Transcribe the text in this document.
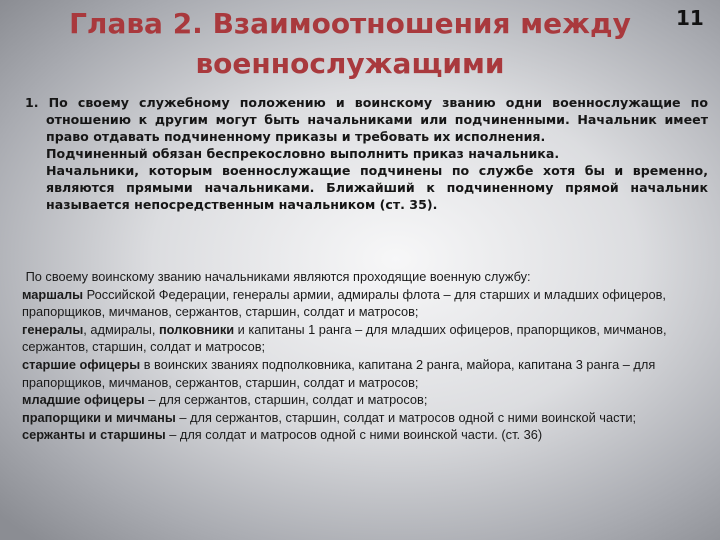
Глава 2. Взаимоотношения между военнослужащими
11

1. По своему служебному положению и воинскому званию одни военнослужащие по отношению к другим могут быть начальниками или подчиненными. Начальник имеет право отдавать подчиненному приказы и требовать их исполнения.

Подчиненный обязан беспрекословно выполнить приказ начальника.

Начальники, которым военнослужащие подчинены по службе хотя бы и временно, являются прямыми начальниками. Ближайший к подчиненному прямой начальник называется непосредственным начальником (ст. 35).

По своему воинскому званию начальниками являются проходящие военную службу:

маршалы Российской Федерации, генералы армии, адмиралы флота – для старших и младших офицеров, прапорщиков, мичманов, сержантов, старшин, солдат и матросов;

генералы, адмиралы, полковники и капитаны 1 ранга – для младших офицеров, прапорщиков, мичманов, сержантов, старшин, солдат и матросов;

старшие офицеры в воинских званиях подполковника, капитана 2 ранга, майора, капитана 3 ранга – для прапорщиков, мичманов, сержантов, старшин, солдат и матросов;

младшие офицеры – для сержантов, старшин, солдат и матросов;

прапорщики и мичманы – для сержантов, старшин, солдат и матросов одной с ними воинской части;

сержанты и старшины – для солдат и матросов одной с ними воинской части. (ст. 36)
